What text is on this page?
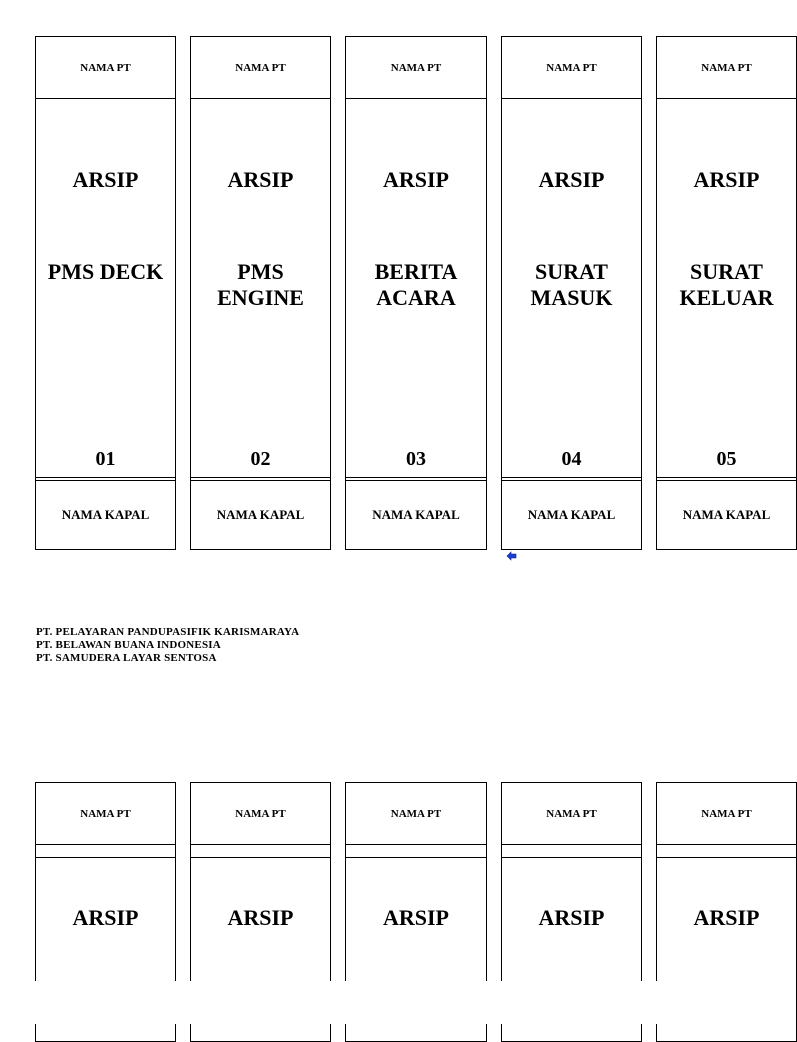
NAMA PT
ARSIP
PMS DECK
01
NAMA KAPAL
NAMA PT
ARSIP
PMS
ENGINE
02
NAMA KAPAL
NAMA PT
ARSIP
BERITA
ACARA
03
NAMA KAPAL
NAMA PT
ARSIP
SURAT
MASUK
04
NAMA KAPAL
NAMA PT
ARSIP
SURAT
KELUAR
05
NAMA KAPAL
NAMA PT
ARSIP
NAMA PT
ARSIP
NAMA PT
ARSIP
NAMA PT
ARSIP
NAMA PT
ARSIP
PT. PELAYARAN PANDUPASIFIK KARISMARAYA
PT. BELAWAN BUANA INDONESIA
PT. SAMUDERA LAYAR SENTOSA
